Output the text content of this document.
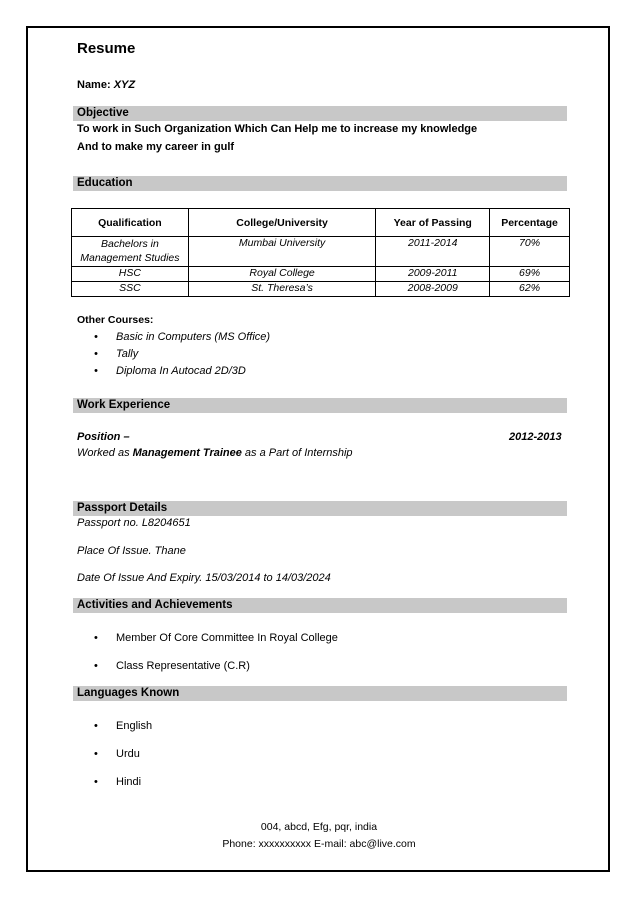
Resume
Name: XYZ
Objective
To work in Such Organization Which Can Help me to increase my knowledge
And to make my career in gulf
Education
Qualification	College/University	Year of Passing	Percentage
Bachelors in Management Studies	Mumbai University	2011-2014	70%
HSC	Royal College	2009-2011	69%
SSC	St. Theresa’s	2008-2009	62%
Other Courses:
Basic in Computers (MS Office)
Tally
Diploma In Autocad 2D/3D
Work Experience
Position –	2012-2013
Worked as Management Trainee as a Part of Internship
Passport Details
Passport no. L8204651
Place Of Issue. Thane
Date Of Issue And Expiry. 15/03/2014 to 14/03/2024
Activities and Achievements
Member Of Core Committee In Royal College
Class Representative (C.R)
Languages Known
English
Urdu
Hindi
004, abcd, Efg, pqr, india
Phone: xxxxxxxxxx E-mail: abc@live.com
